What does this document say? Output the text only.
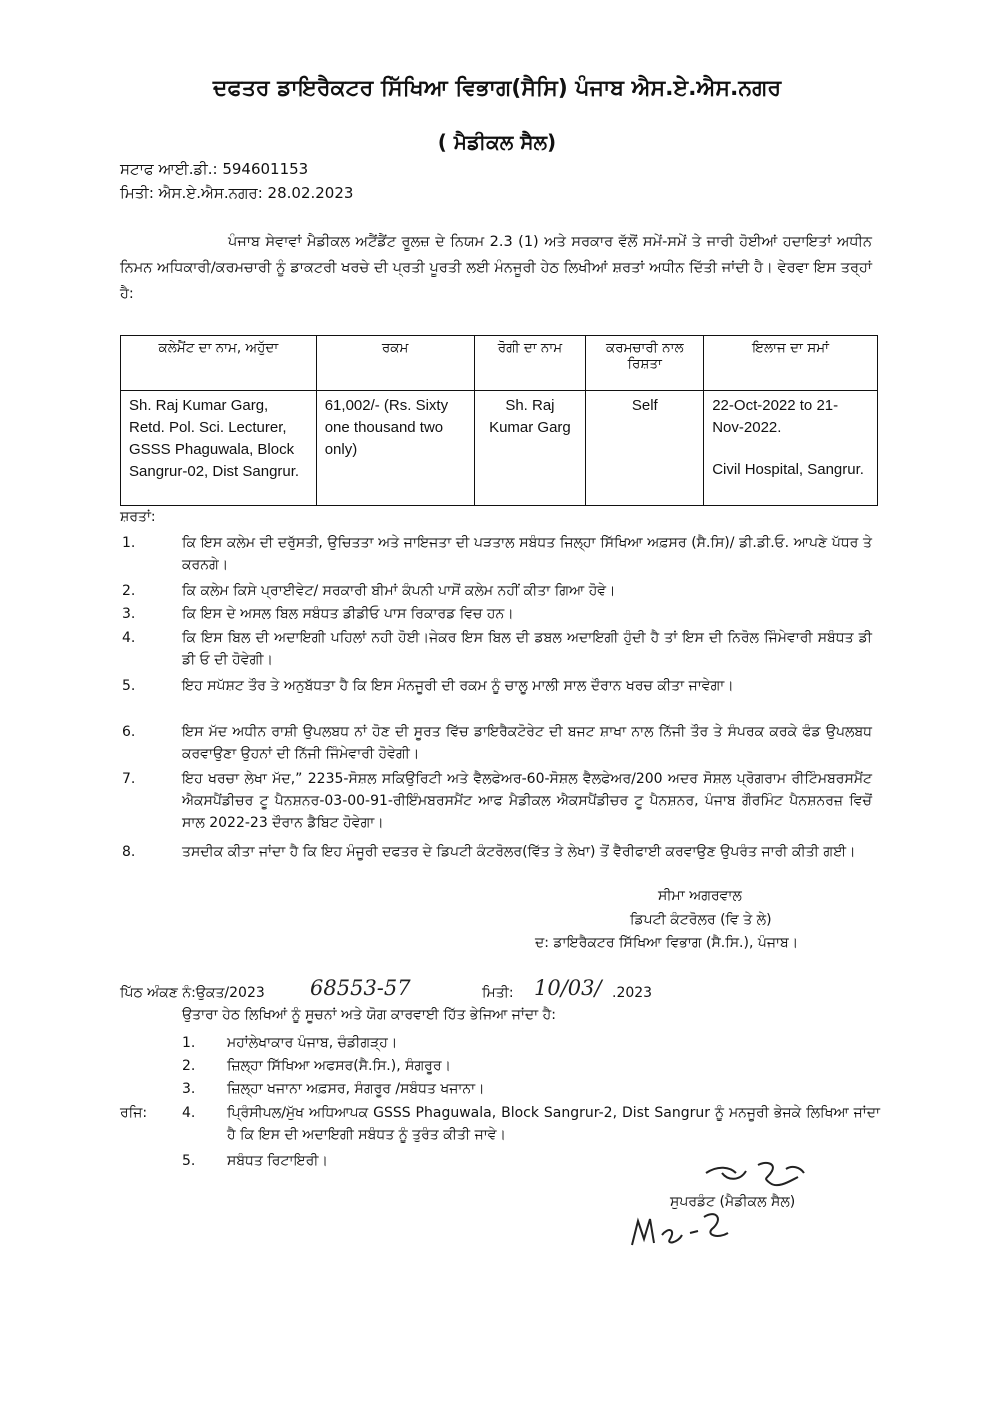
ਦਫਤਰ ਡਾਇਰੈਕਟਰ ਸਿੱਖਿਆ ਵਿਭਾਗ(ਸੈਸਿ) ਪੰਜਾਬ ਐਸ.ਏ.ਐਸ.ਨਗਰ
( ਮੈਡੀਕਲ ਸੈਲ)
ਸਟਾਫ ਆਈ.ਡੀ.: 594601153
ਮਿਤੀ: ਐਸ.ਏ.ਐਸ.ਨਗਰ: 28.02.2023

ਪੰਜਾਬ ਸੇਵਾਵਾਂ ਮੈਡੀਕਲ ਅਟੈਂਡੈਂਟ ਰੂਲਜ਼ ਦੇ ਨਿਯਮ 2.3 (1) ਅਤੇ ਸਰਕਾਰ ਵੱਲੋਂ ਸਮੇਂ-ਸਮੇਂ ਤੇ ਜਾਰੀ ਹੋਈਆਂ ਹਦਾਇਤਾਂ ਅਧੀਨ ਨਿਮਨ ਅਧਿਕਾਰੀ/ਕਰਮਚਾਰੀ ਨੂੰ ਡਾਕਟਰੀ ਖਰਚੇ ਦੀ ਪ੍ਰਤੀ ਪੂਰਤੀ ਲਈ ਮੰਨਜੂਰੀ ਹੇਠ ਲਿਖੀਆਂ ਸ਼ਰਤਾਂ ਅਧੀਨ ਦਿੱਤੀ ਜਾਂਦੀ ਹੈ। ਵੇਰਵਾ ਇਸ ਤਰ੍ਹਾਂ ਹੈ:

ਕਲੇਮੈਂਟ ਦਾ ਨਾਮ, ਅਹੁੱਦਾ	ਰਕਮ	ਰੋਗੀ ਦਾ ਨਾਮ	ਕਰਮਚਾਰੀ ਨਾਲ ਰਿਸ਼ਤਾ	ਇਲਾਜ ਦਾ ਸਮਾਂ
Sh. Raj Kumar Garg, Retd. Pol. Sci. Lecturer, GSSS Phaguwala, Block Sangrur-02, Dist Sangrur.	61,002/- (Rs. Sixty one thousand two only)	Sh. Raj Kumar Garg	Self	22-Oct-2022 to 21-Nov-2022.
Civil Hospital, Sangrur.
ਸ਼ਰਤਾਂ:
1.	ਕਿ ਇਸ ਕਲੇਮ ਦੀ ਦਰੁੱਸਤੀ, ਉਚਿਤਤਾ ਅਤੇ ਜਾਇਜਤਾ ਦੀ ਪੜਤਾਲ ਸਬੰਧਤ ਜਿਲ੍ਹਾ ਸਿੱਖਿਆ ਅਫ਼ਸਰ (ਸੈ.ਸਿ)/ ਡੀ.ਡੀ.ਓ. ਆਪਣੇ ਪੱਧਰ ਤੇ ਕਰਨਗੇ।
2.	ਕਿ ਕਲੇਮ ਕਿਸੇ ਪ੍ਰਾਈਵੇਟ/ ਸਰਕਾਰੀ ਬੀਮਾਂ ਕੰਪਨੀ ਪਾਸੋਂ ਕਲੇਮ ਨਹੀਂ ਕੀਤਾ ਗਿਆ ਹੋਵੇ।
3.	ਕਿ ਇਸ ਦੇ ਅਸਲ ਬਿਲ ਸਬੰਧਤ ਡੀਡੀਓ ਪਾਸ ਰਿਕਾਰਡ ਵਿਚ ਹਨ।
4.	ਕਿ ਇਸ ਬਿਲ ਦੀ ਅਦਾਇਗੀ ਪਹਿਲਾਂ ਨਹੀ ਹੋਈ।ਜੇਕਰ ਇਸ ਬਿਲ ਦੀ ਡਬਲ ਅਦਾਇਗੀ ਹੁੰਦੀ ਹੈ ਤਾਂ ਇਸ ਦੀ ਨਿਰੋਲ ਜਿੰਮੇਵਾਰੀ ਸਬੰਧਤ ਡੀ ਡੀ ਓ ਦੀ ਹੋਵੇਗੀ।
5.	ਇਹ ਸਪੱਸ਼ਟ ਤੌਰ ਤੇ ਅਨੁਬੱਧਤਾ ਹੈ ਕਿ ਇਸ ਮੰਨਜੂਰੀ ਦੀ ਰਕਮ ਨੂੰ ਚਾਲੂ ਮਾਲੀ ਸਾਲ ਦੌਰਾਨ ਖਰਚ ਕੀਤਾ ਜਾਵੇਗਾ।
6.	ਇਸ ਮੱਦ ਅਧੀਨ ਰਾਸ਼ੀ ਉਪਲਬਧ ਨਾਂ ਹੋਣ ਦੀ ਸੂਰਤ ਵਿੱਚ ਡਾਇਰੈਕਟੋਰੇਟ ਦੀ ਬਜਟ ਸ਼ਾਖਾ ਨਾਲ ਨਿੱਜੀ ਤੌਰ ਤੇ ਸੰਪਰਕ ਕਰਕੇ ਫੰਡ ਉਪਲਬਧ ਕਰਵਾਉਣਾ ਉਹਨਾਂ ਦੀ ਨਿੱਜੀ ਜਿੰਮੇਵਾਰੀ ਹੋਵੇਗੀ।
7.	ਇਹ ਖਰਚਾ ਲੇਖਾ ਮੱਦ,” 2235-ਸੋਸ਼ਲ ਸਕਿਉਰਿਟੀ ਅਤੇ ਵੈਲਫੇਅਰ-60-ਸੋਸ਼ਲ ਵੈਲਫੇਅਰ/200 ਅਦਰ ਸੋਸ਼ਲ ਪ੍ਰੋਗਰਾਮ ਰੀਟਿੰਮਬਰਸਮੈਂਟ ਐਕਸਪੈਂਡੀਚਰ ਟੂ ਪੈਨਸ਼ਨਰ-03-00-91-ਰੀਇੰਮਬਰਸਮੈਂਟ ਆਫ ਮੈਡੀਕਲ ਐਕਸਪੈਂਡੀਚਰ ਟੂ ਪੈਨਸ਼ਨਰ, ਪੰਜਾਬ ਗੌਰਮਿੰਟ ਪੈਨਸ਼ਨਰਜ਼ ਵਿਚੋਂ ਸਾਲ 2022-23 ਦੌਰਾਨ ਡੈਬਿਟ ਹੋਵੇਗਾ।
8.	ਤਸਦੀਕ ਕੀਤਾ ਜਾਂਦਾ ਹੈ ਕਿ ਇਹ ਮੰਜੂਰੀ ਦਫਤਰ ਦੇ ਡਿਪਟੀ ਕੰਟਰੋਲਰ(ਵਿੱਤ ਤੇ ਲੇਖਾ) ਤੋਂ ਵੈਰੀਫਾਈ ਕਰਵਾਉਣ ਉਪਰੰਤ ਜਾਰੀ ਕੀਤੀ ਗਈ।
ਸੀਮਾ ਅਗਰਵਾਲ
ਡਿਪਟੀ ਕੰਟਰੋਲਰ (ਵਿ ਤੇ ਲੇ)
ਦ: ਡਾਇਰੈਕਟਰ ਸਿੱਖਿਆ ਵਿਭਾਗ (ਸੈ.ਸਿ.), ਪੰਜਾਬ।
ਪਿੱਠ ਅੰਕਣ ਨੰ:ਉਕਤ/2023 68553-57	ਮਿਤੀ: 10/03/ .2023
ਉਤਾਰਾ ਹੇਠ ਲਿਖਿਆਂ ਨੂੰ ਸੂਚਨਾਂ ਅਤੇ ਯੋਗ ਕਾਰਵਾਈ ਹਿੱਤ ਭੇਜਿਆ ਜਾਂਦਾ ਹੈ:
1. ਮਹਾਂਲੇਖਾਕਾਰ ਪੰਜਾਬ, ਚੰਡੀਗੜ੍ਹ।
2. ਜ਼ਿਲ੍ਹਾ ਸਿੱਖਿਆ ਅਫਸਰ(ਸੈ.ਸਿ.), ਸੰਗਰੂਰ।
3. ਜ਼ਿਲ੍ਹਾ ਖਜਾਨਾ ਅਫ਼ਸਰ, ਸੰਗਰੂਰ /ਸਬੰਧਤ ਖਜਾਨਾ।
ਰਜਿ: 4. ਪ੍ਰਿੰਸੀਪਲ/ਮੁੱਖ ਅਧਿਆਪਕ GSSS Phaguwala, Block Sangrur-2, Dist Sangrur ਨੂੰ ਮਨਜੂਰੀ ਭੇਜਕੇ ਲਿਖਿਆ ਜਾਂਦਾ ਹੈ ਕਿ ਇਸ ਦੀ ਅਦਾਇਗੀ ਸਬੰਧਤ ਨੂੰ ਤੁਰੰਤ ਕੀਤੀ ਜਾਵੇ।
5. ਸਬੰਧਤ ਰਿਟਾਇਰੀ।
ਸੁਪਰਡੰਟ (ਮੈਡੀਕਲ ਸੈਲ)
